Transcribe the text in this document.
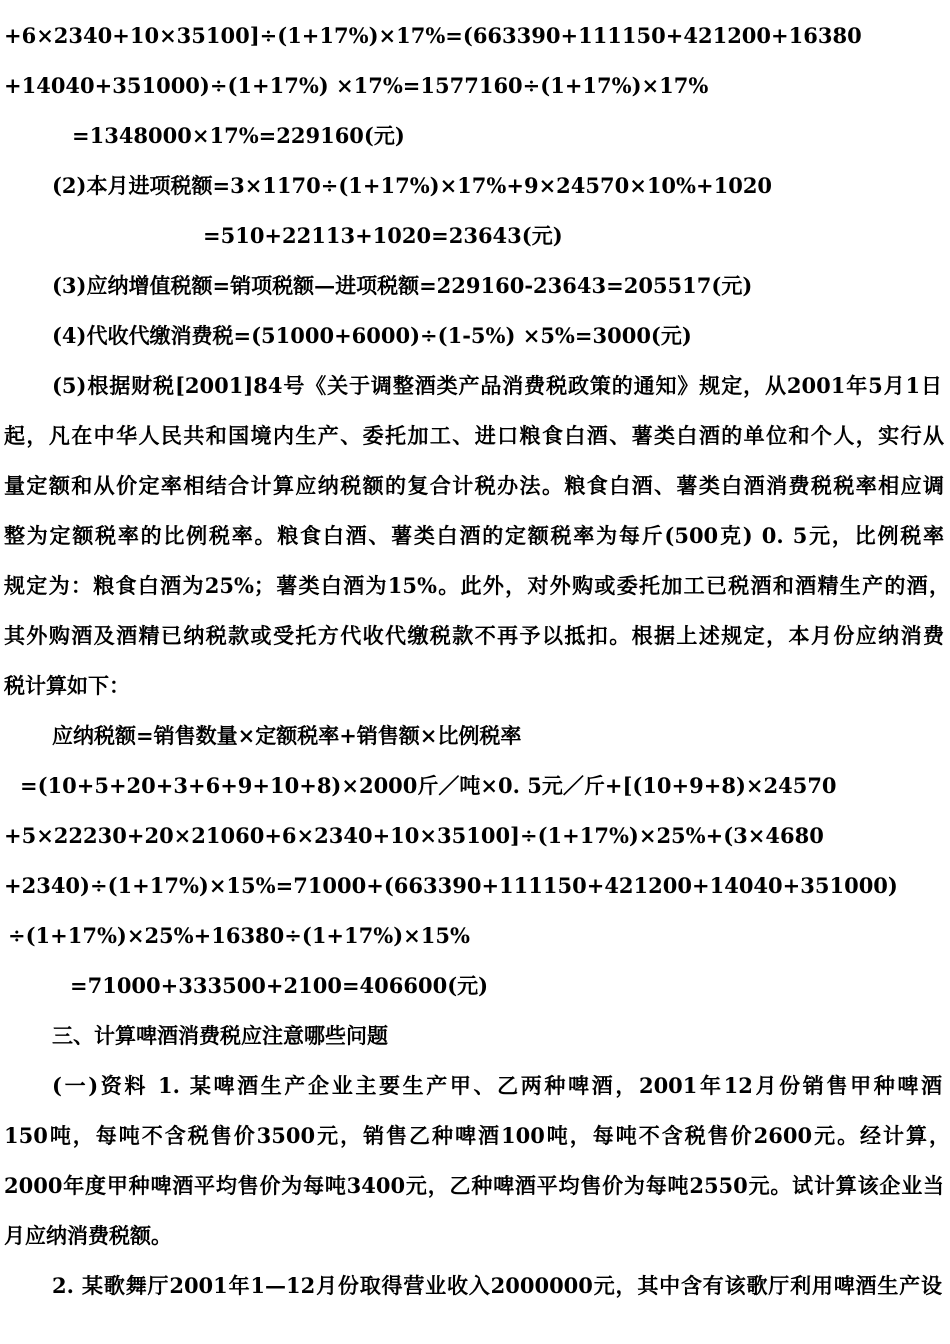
+6×2340+10×35100]÷(1+17%)×17%=(663390+111150+421200+16380
+14040+351000)÷(1+17%) ×17%=1577160÷(1+17%)×17%
=1348000×17%=229160(元)
(2)本月进项税额=3×1170÷(1+17%)×17%+9×24570×10%+1020
=510+22113+1020=23643(元)
(3)应纳增值税额=销项税额—进项税额=229160-23643=205517(元)
(4)代收代缴消费税=(51000+6000)÷(1-5%) ×5%=3000(元)
(5)根据财税[2001]84号《关于调整酒类产品消费税政策的通知》规定，从2001年5月1日
起，凡在中华人民共和国境内生产、委托加工、进口粮食白酒、薯类白酒的单位和个人，实行从
量定额和从价定率相结合计算应纳税额的复合计税办法。粮食白酒、薯类白酒消费税税率相应调
整为定额税率的比例税率。粮食白酒、薯类白酒的定额税率为每斤(500克) 0. 5元，比例税率
规定为：粮食白酒为25%；薯类白酒为15%。此外，对外购或委托加工已税酒和酒精生产的酒，
其外购酒及酒精已纳税款或受托方代收代缴税款不再予以抵扣。根据上述规定，本月份应纳消费
税计算如下：
应纳税额=销售数量×定额税率+销售额×比例税率
=(10+5+20+3+6+9+10+8)×2000斤／吨×0. 5元／斤+[(10+9+8)×24570
+5×22230+20×21060+6×2340+10×35100]÷(1+17%)×25%+(3×4680
+2340)÷(1+17%)×15%=71000+(663390+111150+421200+14040+351000)
÷(1+17%)×25%+16380÷(1+17%)×15%
=71000+333500+2100=406600(元)
三、计算啤酒消费税应注意哪些问题
(一)资料 1. 某啤酒生产企业主要生产甲、乙两种啤酒，2001年12月份销售甲种啤酒
150吨，每吨不含税售价3500元，销售乙种啤酒100吨，每吨不含税售价2600元。经计算，
2000年度甲种啤酒平均售价为每吨3400元，乙种啤酒平均售价为每吨2550元。试计算该企业当
月应纳消费税额。
2. 某歌舞厅2001年1—12月份取得营业收入2000000元，其中含有该歌厅利用啤酒生产设
